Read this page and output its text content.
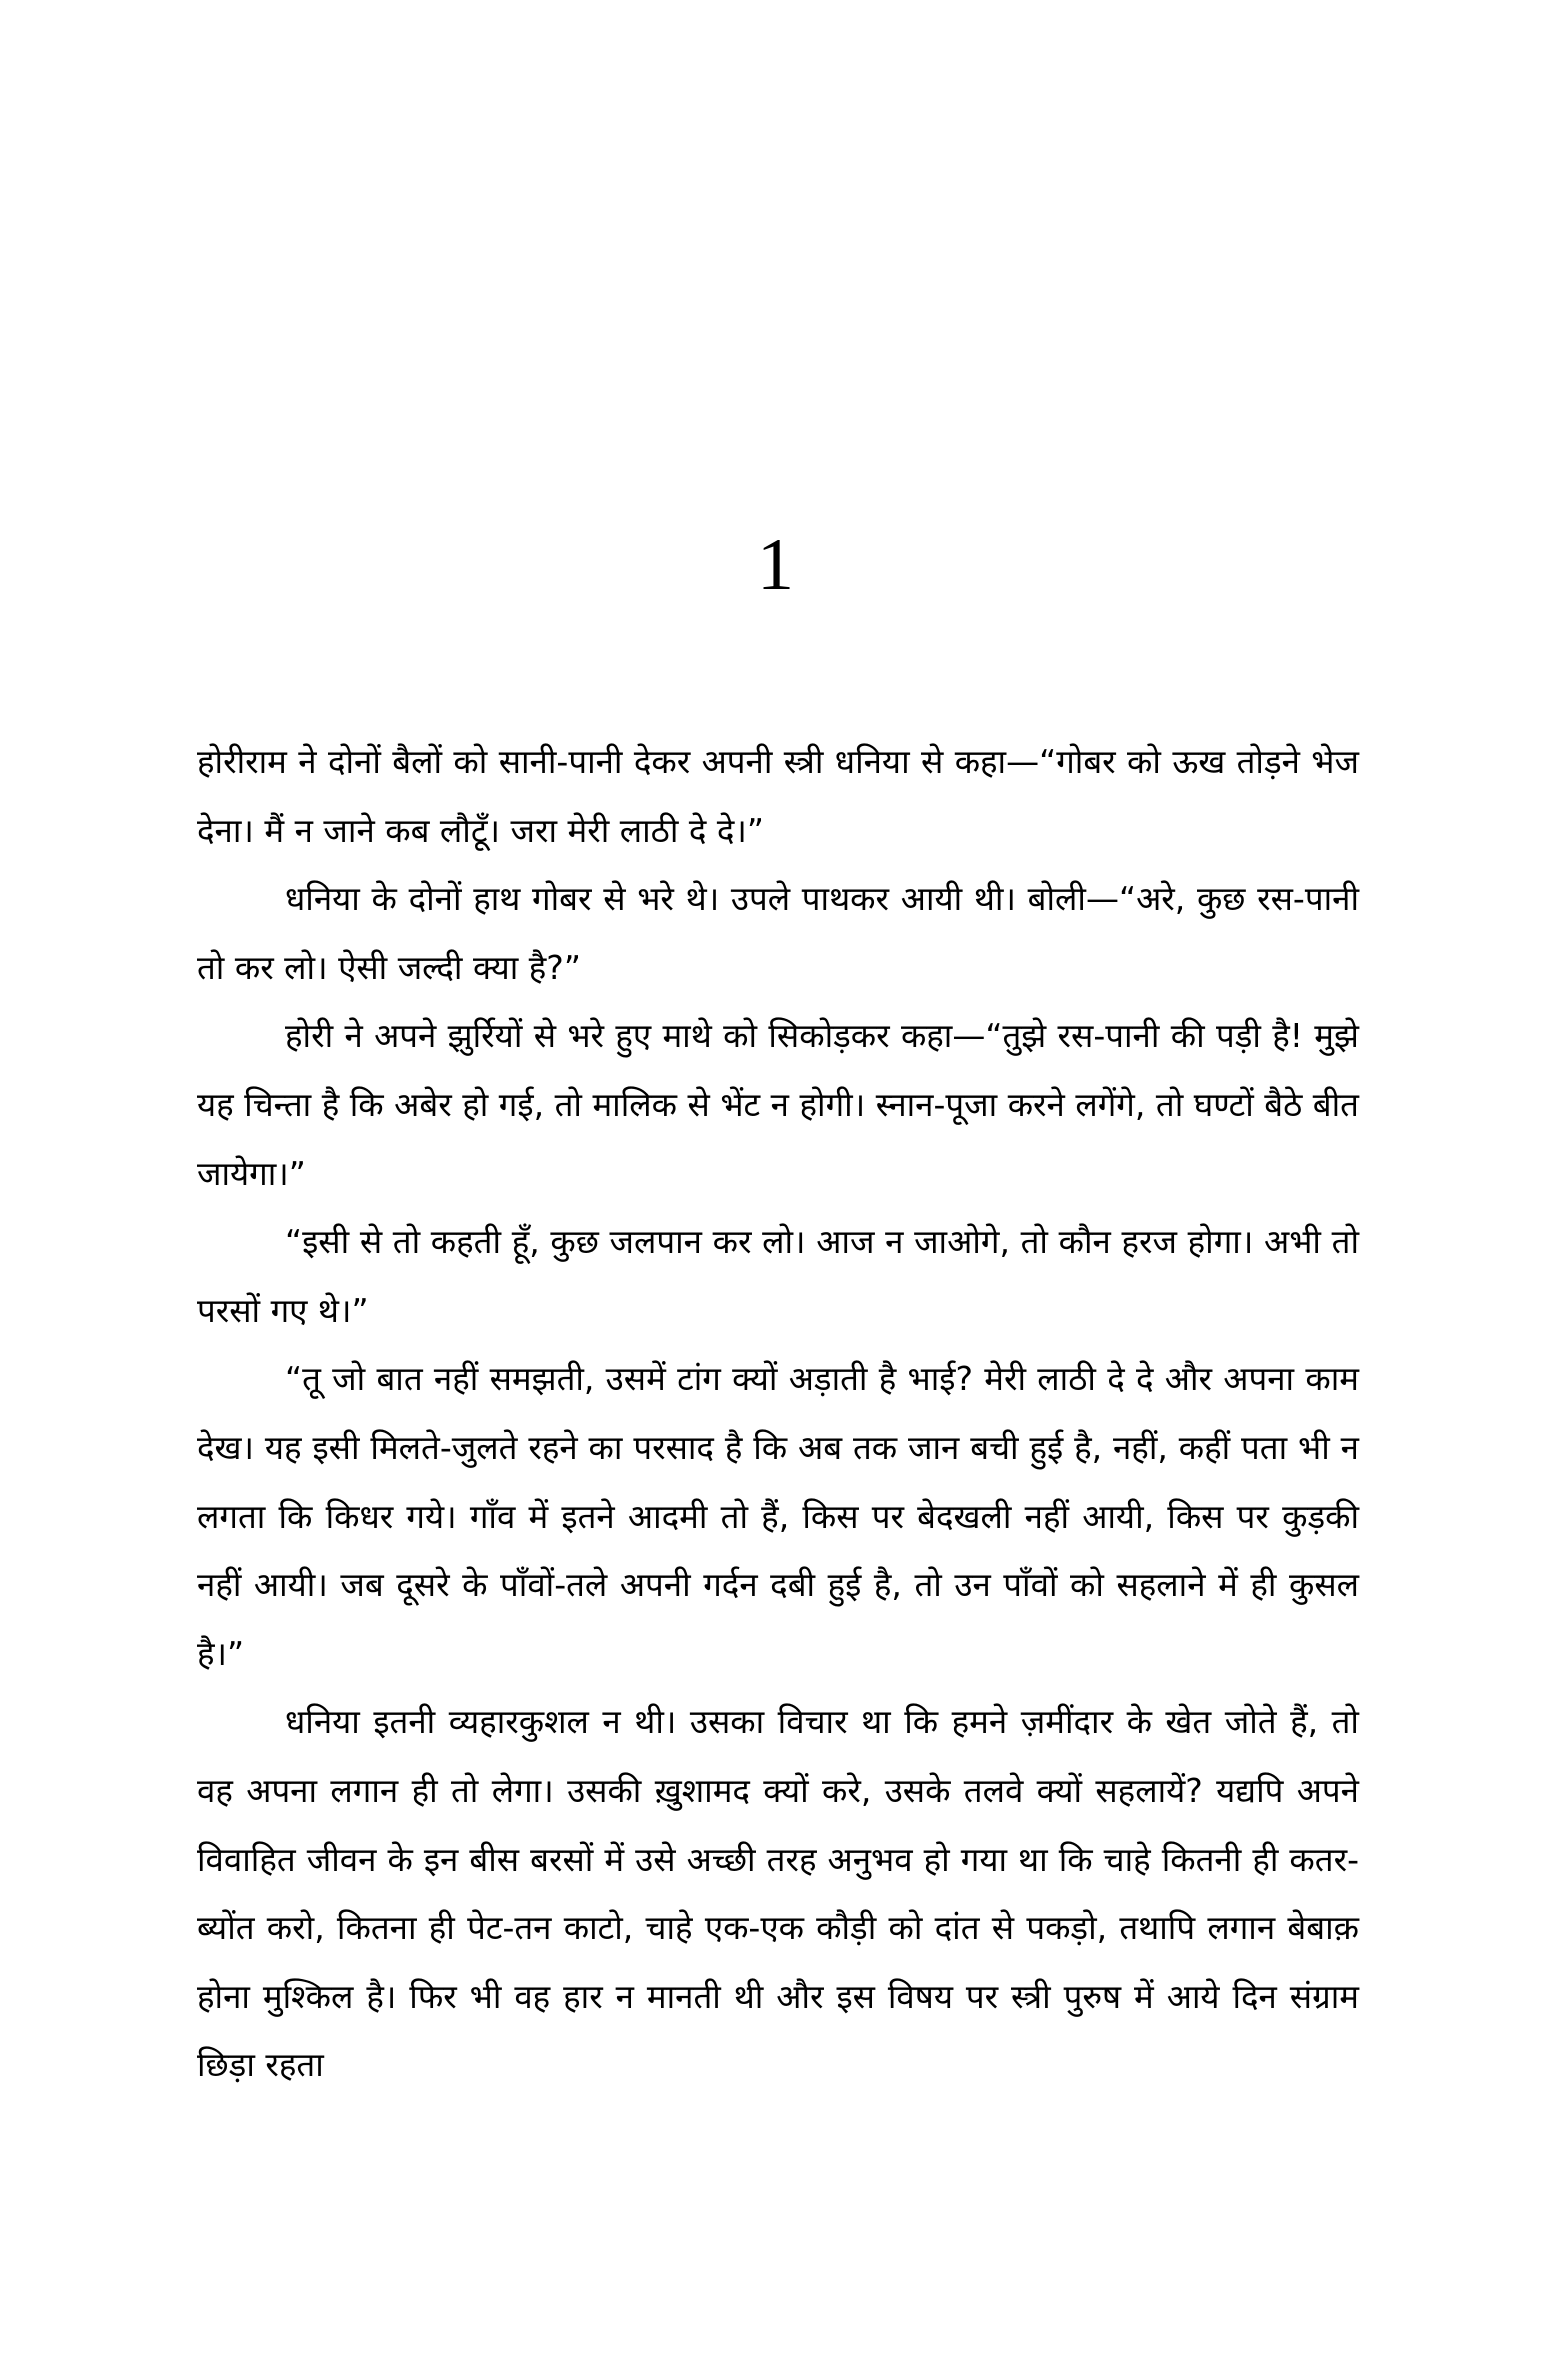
1

होरीराम ने दोनों बैलों को सानी-पानी देकर अपनी स्त्री धनिया से कहा—“गोबर को ऊख तोड़ने भेज देना। मैं न जाने कब लौटूँ। जरा मेरी लाठी दे दे।”

धनिया के दोनों हाथ गोबर से भरे थे। उपले पाथकर आयी थी। बोली—“अरे, कुछ रस-पानी तो कर लो। ऐसी जल्दी क्या है?”

होरी ने अपने झुर्रियों से भरे हुए माथे को सिकोड़कर कहा—“तुझे रस-पानी की पड़ी है! मुझे यह चिन्ता है कि अबेर हो गई, तो मालिक से भेंट न होगी। स्नान-पूजा करने लगेंगे, तो घण्टों बैठे बीत जायेगा।”

“इसी से तो कहती हूँ, कुछ जलपान कर लो। आज न जाओगे, तो कौन हरज होगा। अभी तो परसों गए थे।”

“तू जो बात नहीं समझती, उसमें टांग क्यों अड़ाती है भाई? मेरी लाठी दे दे और अपना काम देख। यह इसी मिलते-जुलते रहने का परसाद है कि अब तक जान बची हुई है, नहीं, कहीं पता भी न लगता कि किधर गये। गाँव में इतने आदमी तो हैं, किस पर बेदखली नहीं आयी, किस पर कुड़की नहीं आयी। जब दूसरे के पाँवों-तले अपनी गर्दन दबी हुई है, तो उन पाँवों को सहलाने में ही कुसल है।”

धनिया इतनी व्यहारकुशल न थी। उसका विचार था कि हमने ज़मींदार के खेत जोते हैं, तो वह अपना लगान ही तो लेगा। उसकी ख़ुशामद क्यों करे, उसके तलवे क्यों सहलायें? यद्यपि अपने विवाहित जीवन के इन बीस बरसों में उसे अच्छी तरह अनुभव हो गया था कि चाहे कितनी ही कतर-ब्योंत करो, कितना ही पेट-तन काटो, चाहे एक-एक कौड़ी को दांत से पकड़ो, तथापि लगान बेबाक़ होना मुश्किल है। फिर भी वह हार न मानती थी और इस विषय पर स्त्री पुरुष में आये दिन संग्राम छिड़ा रहता
